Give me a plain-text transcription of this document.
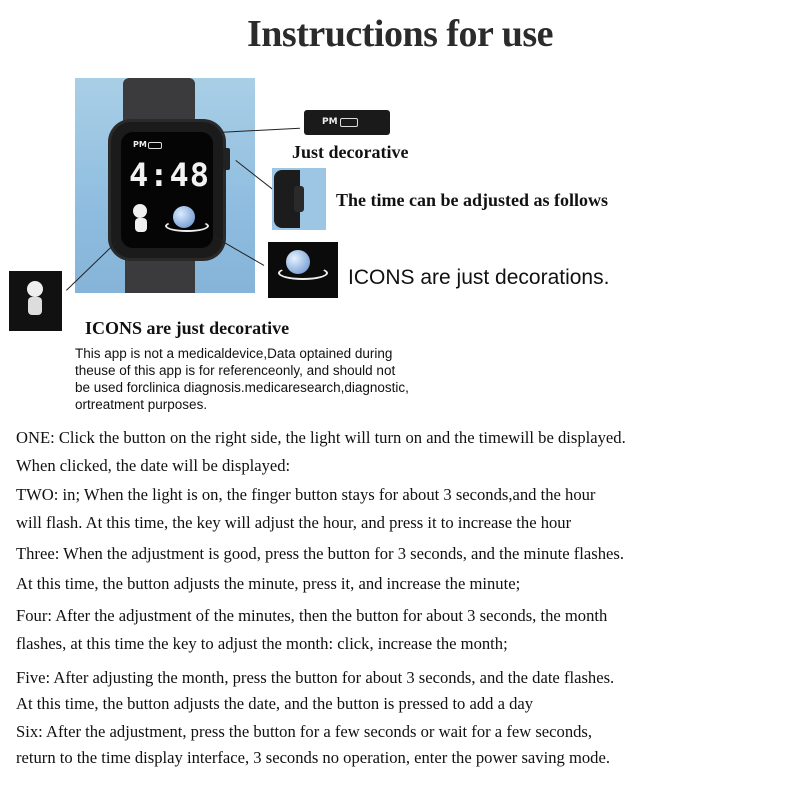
Instructions for use
PM
4:48
PM
Just decorative
The time can be adjusted as follows
ICONS are just decorations.
ICONS are just decorative
This app is not a medicaldevice,Data optained during
theuse of this app is for referenceonly, and should not
be used forclinica diagnosis.medicaresearch,diagnostic,
ortreatment purposes.
ONE: Click the button on the right side, the light will turn on and the timewill be displayed.
When clicked, the date will be displayed:
TWO: in; When the light is on, the finger button stays for about 3 seconds,and the hour
will flash. At this time, the key will adjust the hour, and press it to increase the hour
Three: When the adjustment is good, press the button for 3 seconds, and the minute flashes.
At this time, the button adjusts the minute, press it, and increase the minute;
Four: After the adjustment of the minutes, then the button for about 3 seconds, the month
flashes, at this time the key to adjust the month: click, increase the month;
Five: After adjusting the month, press the button for about 3 seconds, and the date flashes.
At this time, the button adjusts the date, and the button is pressed to add a day
Six: After the adjustment, press the button for a few seconds or wait for a few seconds,
return to the time display interface, 3 seconds no operation, enter the power saving mode.
